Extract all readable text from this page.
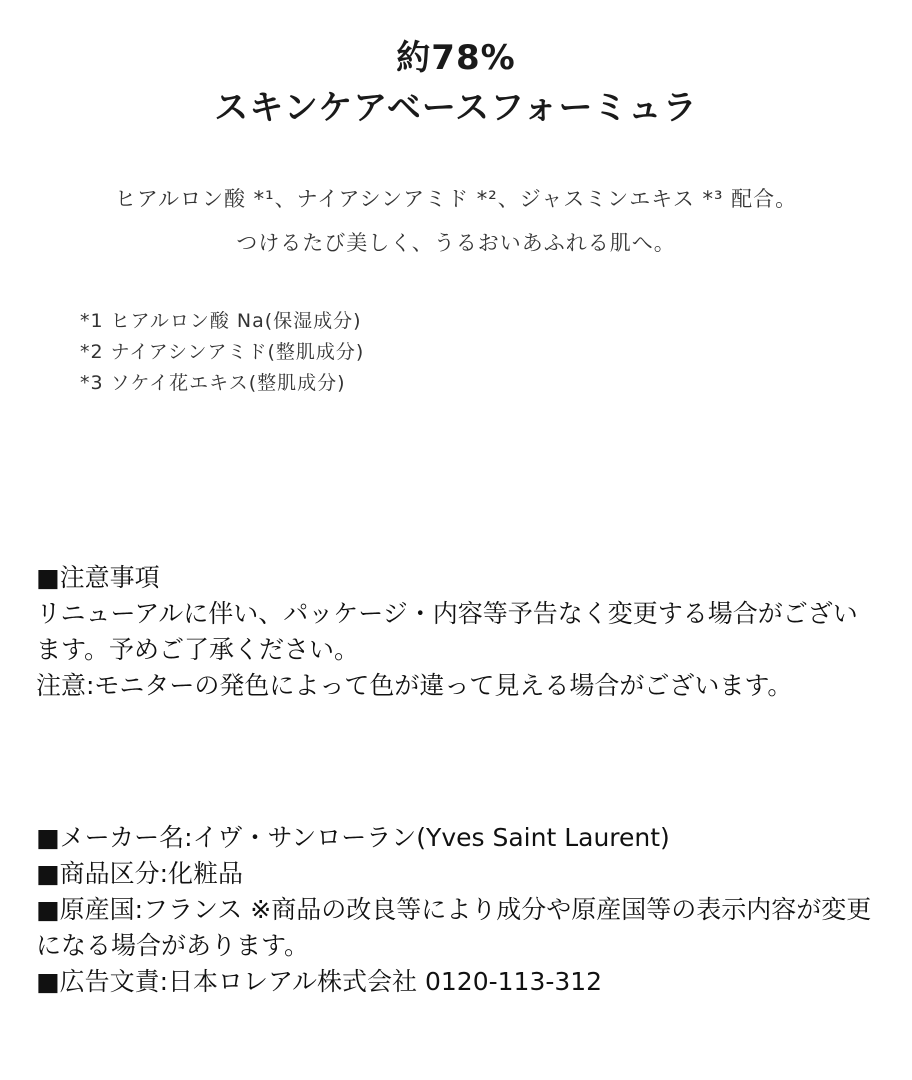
約78%
スキンケアベースフォーミュラ
ヒアルロン酸 *¹、ナイアシンアミド *²、ジャスミンエキス *³ 配合。
つけるたび美しく、うるおいあふれる肌へ。
*1 ヒアルロン酸 Na(保湿成分)
*2 ナイアシンアミド(整肌成分)
*3 ソケイ花エキス(整肌成分)
■注意事項
リニューアルに伴い、パッケージ・内容等予告なく変更する場合がございます。予めご了承ください。
注意:モニターの発色によって色が違って見える場合がございます。
■メーカー名:イヴ・サンローラン(Yves Saint Laurent)
■商品区分:化粧品
■原産国:フランス ※商品の改良等により成分や原産国等の表示内容が変更になる場合があります。
■広告文責:日本ロレアル株式会社 0120-113-312
